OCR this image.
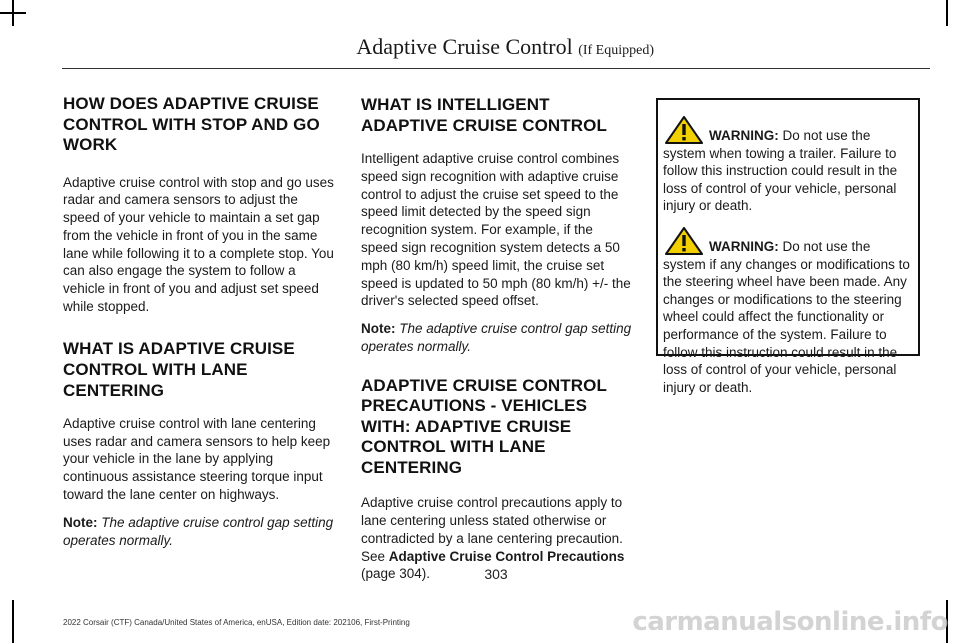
Adaptive Cruise Control (If Equipped)
HOW DOES ADAPTIVE CRUISE CONTROL WITH STOP AND GO WORK

Adaptive cruise control with stop and go uses radar and camera sensors to adjust the speed of your vehicle to maintain a set gap from the vehicle in front of you in the same lane while following it to a complete stop. You can also engage the system to follow a vehicle in front of you and adjust set speed while stopped.

WHAT IS ADAPTIVE CRUISE CONTROL WITH LANE CENTERING

Adaptive cruise control with lane centering uses radar and camera sensors to help keep your vehicle in the lane by applying continuous assistance steering torque input toward the lane center on highways.

Note: The adaptive cruise control gap setting operates normally.

WHAT IS INTELLIGENT ADAPTIVE CRUISE CONTROL

Intelligent adaptive cruise control combines speed sign recognition with adaptive cruise control to adjust the cruise set speed to the speed limit detected by the speed sign recognition system. For example, if the speed sign recognition system detects a 50 mph (80 km/h) speed limit, the cruise set speed is updated to 50 mph (80 km/h) +/- the driver's selected speed offset.

Note: The adaptive cruise control gap setting operates normally.

ADAPTIVE CRUISE CONTROL PRECAUTIONS - VEHICLES WITH: ADAPTIVE CRUISE CONTROL WITH LANE CENTERING

Adaptive cruise control precautions apply to lane centering unless stated otherwise or contradicted by a lane centering precaution. See Adaptive Cruise Control Precautions (page 304).

WARNING: Do not use the system when towing a trailer. Failure to follow this instruction could result in the loss of control of your vehicle, personal injury or death.

WARNING: Do not use the system if any changes or modifications to the steering wheel have been made. Any changes or modifications to the steering wheel could affect the functionality or performance of the system. Failure to follow this instruction could result in the loss of control of your vehicle, personal injury or death.

303
2022 Corsair (CTF) Canada/United States of America, enUSA, Edition date: 202106, First-Printing	carmanualsonline.info
